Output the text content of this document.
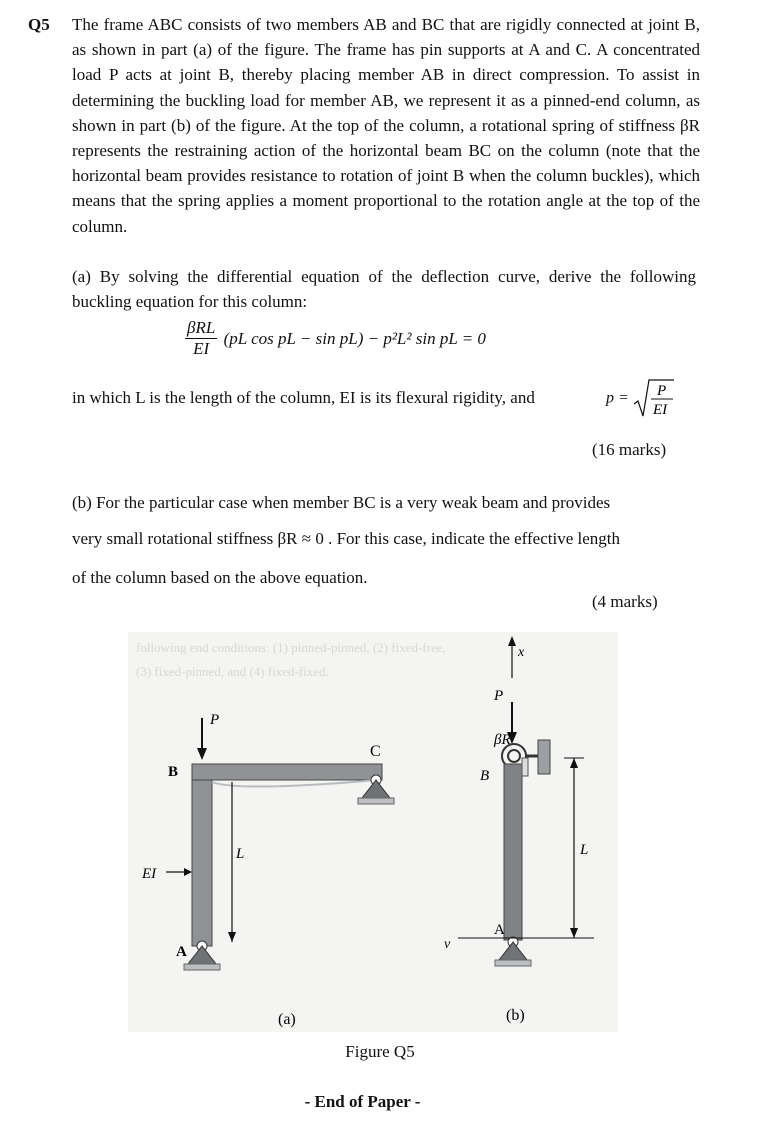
Q5 The frame ABC consists of two members AB and BC that are rigidly connected at joint B, as shown in part (a) of the figure. The frame has pin supports at A and C. A concentrated load P acts at joint B, thereby placing member AB in direct compression. To assist in determining the buckling load for member AB, we represent it as a pinned-end column, as shown in part (b) of the figure. At the top of the column, a rotational spring of stiffness βR represents the restraining action of the horizontal beam BC on the column (note that the horizontal beam provides resistance to rotation of joint B when the column buckles), which means that the spring applies a moment proportional to the rotation angle at the top of the column.
(a) By solving the differential equation of the deflection curve, derive the following buckling equation for this column:
$\frac{\text{βRL}}{EI} (pL$ cos pL − sin pL) − p²L² sin pL = 0
in which L is the length of the column, EI is its flexural rigidity, and	p = P
EI
(16 marks)
(b) For the particular case when member BC is a very weak beam and provides
very small rotational stiffness βR ≈ 0 . For this case, indicate the effective length
of the column based on the above equation.
(4 marks)
following end conditions: (1) pinned-pinned, (2) fixed-free,
(3) fixed-pinned, and (4) fixed-fixed.
P
B
C
A
L
EI
x
P
βR
B
A
v
L
(a)	(b)
Figure Q5
- End of Paper -
